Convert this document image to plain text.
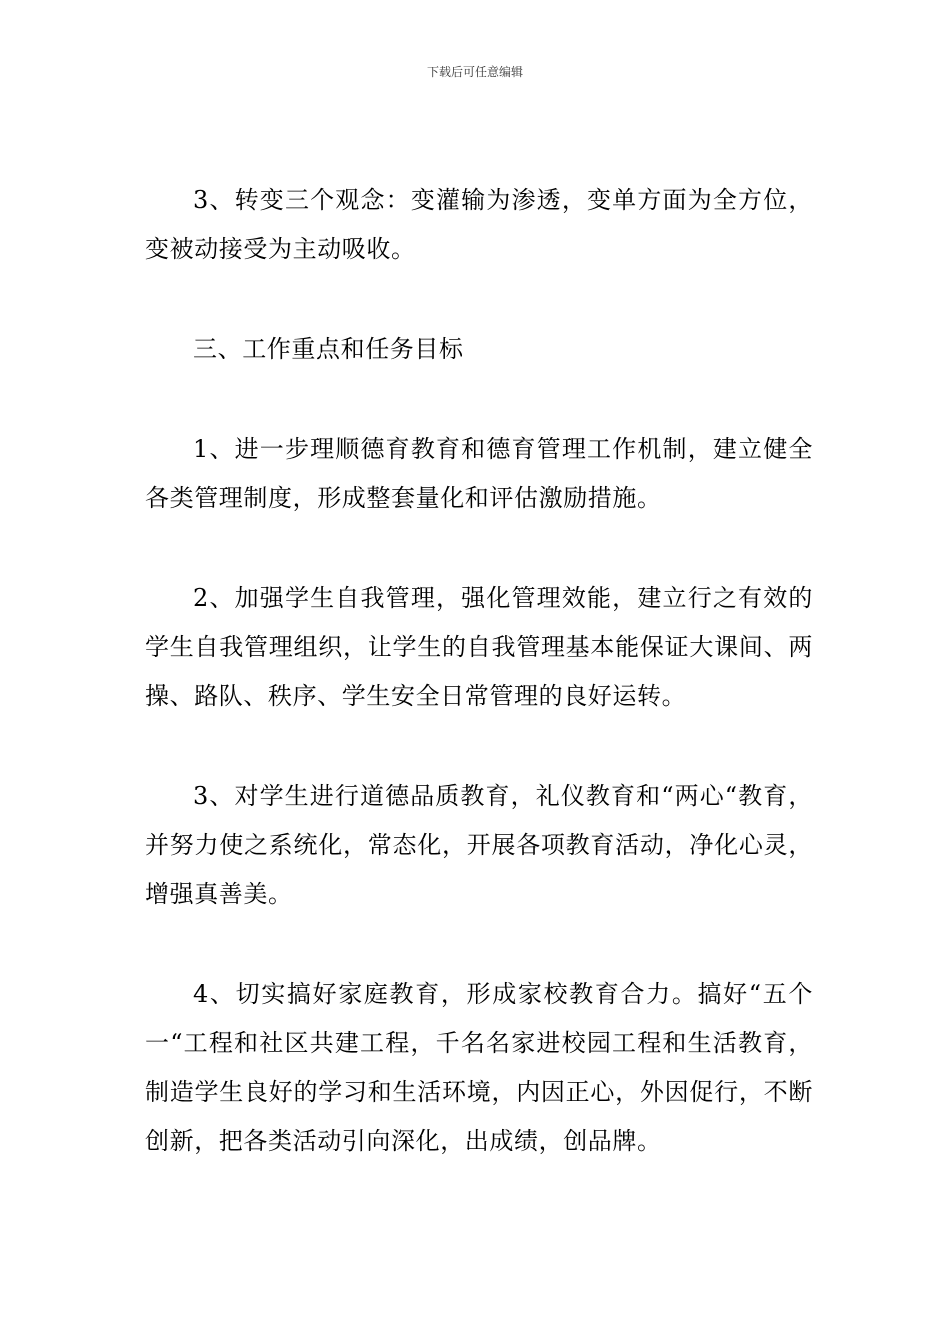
下载后可任意编辑

3、转变三个观念：变灌输为渗透，变单方面为全方位，变被动接受为主动吸收。

三、工作重点和任务目标

1、进一步理顺德育教育和德育管理工作机制，建立健全各类管理制度，形成整套量化和评估激励措施。

2、加强学生自我管理，强化管理效能，建立行之有效的学生自我管理组织，让学生的自我管理基本能保证大课间、两操、路队、秩序、学生安全日常管理的良好运转。

3、对学生进行道德品质教育，礼仪教育和“两心“教育，并努力使之系统化，常态化，开展各项教育活动，净化心灵，增强真善美。

4、切实搞好家庭教育，形成家校教育合力。搞好“五个一“工程和社区共建工程，千名名家进校园工程和生活教育，制造学生良好的学习和生活环境，内因正心，外因促行，不断创新，把各类活动引向深化，出成绩，创品牌。
